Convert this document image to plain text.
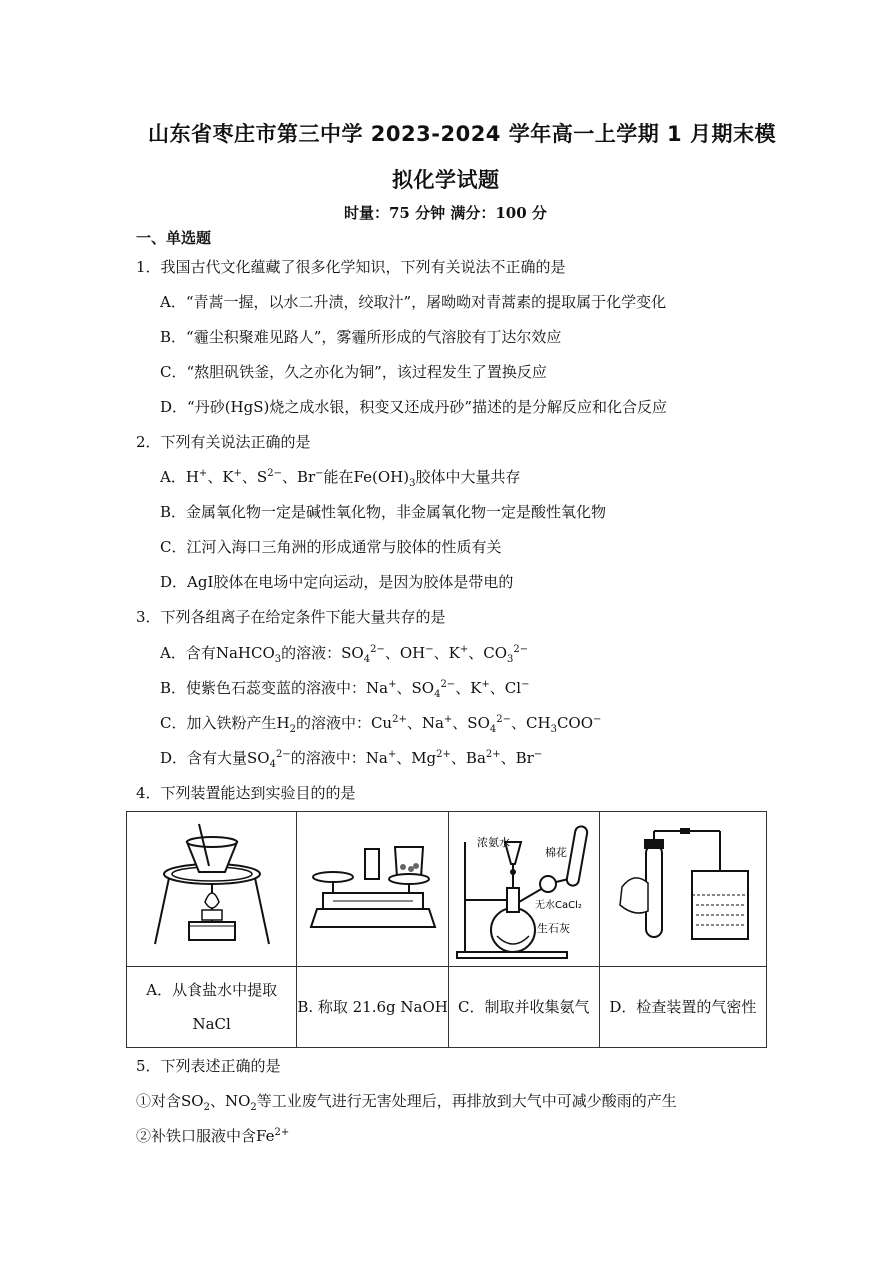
山东省枣庄市第三中学 2023-2024 学年高一上学期 1 月期末模
拟化学试题
时量：75 分钟 满分：100 分
一、单选题
1．我国古代文化蕴藏了很多化学知识，下列有关说法不正确的是
A．“青蒿一握，以水二升渍，绞取汁”，屠呦呦对青蒿素的提取属于化学变化
B．“霾尘积聚难见路人”，雾霾所形成的气溶胶有丁达尔效应
C．“熬胆矾铁釜，久之亦化为铜”，该过程发生了置换反应
D．“丹砂(HgS)烧之成水银，积变又还成丹砂”描述的是分解反应和化合反应
2．下列有关说法正确的是
A．H+、K+、$S^{2-}$、Br−能在$Fe(OH)_3$胶体中大量共存
B．金属氧化物一定是碱性氧化物，非金属氧化物一定是酸性氧化物
C．江河入海口三角洲的形成通常与胶体的性质有关
D．AgI胶体在电场中定向运动，是因为胶体是带电的
3．下列各组离子在给定条件下能大量共存的是
A．含有NaHCO$_3$的溶液：$SO_4^{2-}$、OH−、K+、$CO_3^{2-}$
B．使紫色石蕊变蓝的溶液中：Na+、$SO_4^{2-}$、K+、Cl−
C．加入铁粉产生$H_2$的溶液中：$Cu^{2+}$、Na+、$SO_4^{2-}$、$CH_3COO^-$
D．含有大量$SO_4^{2-}$的溶液中：Na+、$Mg^{2+}$、$Ba^{2+}$、Br−
4．下列装置能达到实验目的的是

浓氨水
棉花
无水CaCl₂
生石灰

A．从食盐水中提取
NaCl	B. 称取 21.6g NaOH	C．制取并收集氨气	D．检查装置的气密性
5．下列表述正确的是
①对含$SO_2$、$NO_2$等工业废气进行无害处理后，再排放到大气中可减少酸雨的产生
②补铁口服液中含$Fe^{2+}$
